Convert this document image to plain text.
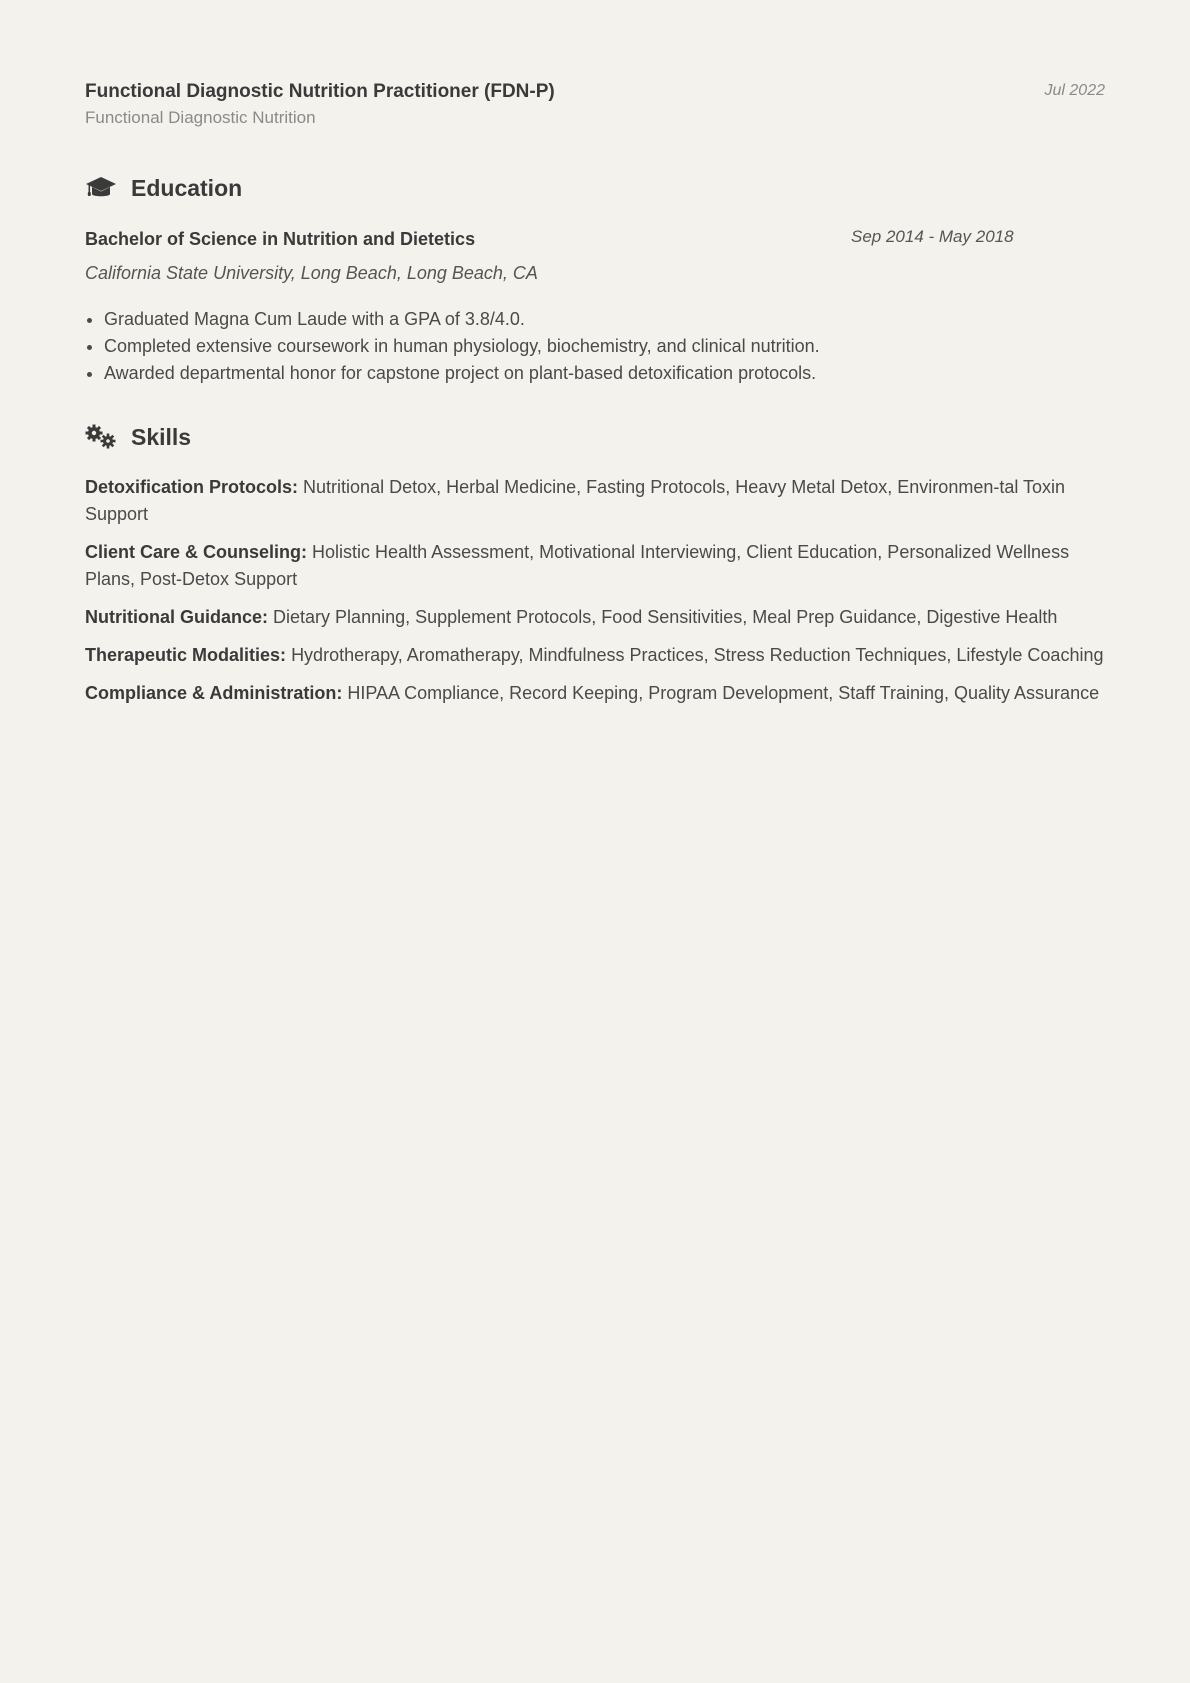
Functional Diagnostic Nutrition Practitioner (FDN-P)
Functional Diagnostic Nutrition
Jul 2022
Education
Bachelor of Science in Nutrition and Dietetics	Sep 2014 - May 2018
California State University, Long Beach, Long Beach, CA
Graduated Magna Cum Laude with a GPA of 3.8/4.0.
Completed extensive coursework in human physiology, biochemistry, and clinical nutrition.
Awarded departmental honor for capstone project on plant-based detoxification protocols.
Skills
Detoxification Protocols: Nutritional Detox, Herbal Medicine, Fasting Protocols, Heavy Metal Detox, Environmen-tal Toxin Support
Client Care & Counseling: Holistic Health Assessment, Motivational Interviewing, Client Education, Personalized Wellness Plans, Post-Detox Support
Nutritional Guidance: Dietary Planning, Supplement Protocols, Food Sensitivities, Meal Prep Guidance, Digestive Health
Therapeutic Modalities: Hydrotherapy, Aromatherapy, Mindfulness Practices, Stress Reduction Techniques, Lifestyle Coaching
Compliance & Administration: HIPAA Compliance, Record Keeping, Program Development, Staff Training, Quality Assurance
